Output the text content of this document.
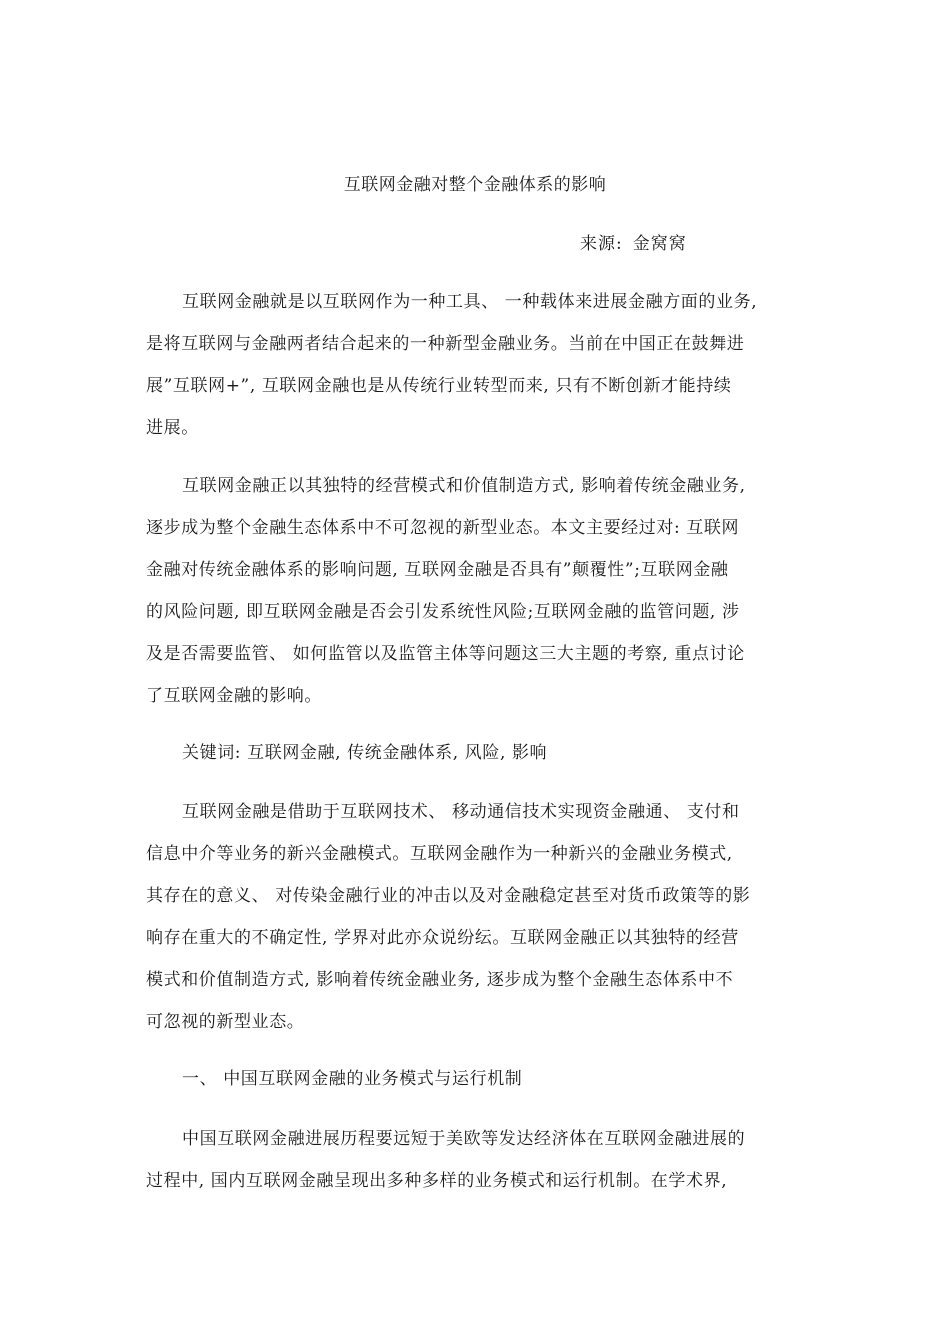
互联网金融对整个金融体系的影响
来源: 金窝窝
互联网金融就是以互联网作为一种工具、 一种载体来进展金融方面的业务,
是将互联网与金融两者结合起来的一种新型金融业务。当前在中国正在鼓舞进
展”互联网+”, 互联网金融也是从传统行业转型而来, 只有不断创新才能持续
进展。
互联网金融正以其独特的经营模式和价值制造方式, 影响着传统金融业务,
逐步成为整个金融生态体系中不可忽视的新型业态。本文主要经过对: 互联网
金融对传统金融体系的影响问题, 互联网金融是否具有”颠覆性”;互联网金融
的风险问题, 即互联网金融是否会引发系统性风险;互联网金融的监管问题, 涉
及是否需要监管、 如何监管以及监管主体等问题这三大主题的考察, 重点讨论
了互联网金融的影响。
关键词: 互联网金融, 传统金融体系, 风险, 影响
互联网金融是借助于互联网技术、 移动通信技术实现资金融通、 支付和
信息中介等业务的新兴金融模式。互联网金融作为一种新兴的金融业务模式,
其存在的意义、 对传染金融行业的冲击以及对金融稳定甚至对货币政策等的影
响存在重大的不确定性, 学界对此亦众说纷纭。互联网金融正以其独特的经营
模式和价值制造方式, 影响着传统金融业务, 逐步成为整个金融生态体系中不
可忽视的新型业态。
一、 中国互联网金融的业务模式与运行机制
中国互联网金融进展历程要远短于美欧等发达经济体在互联网金融进展的
过程中, 国内互联网金融呈现出多种多样的业务模式和运行机制。在学术界,
